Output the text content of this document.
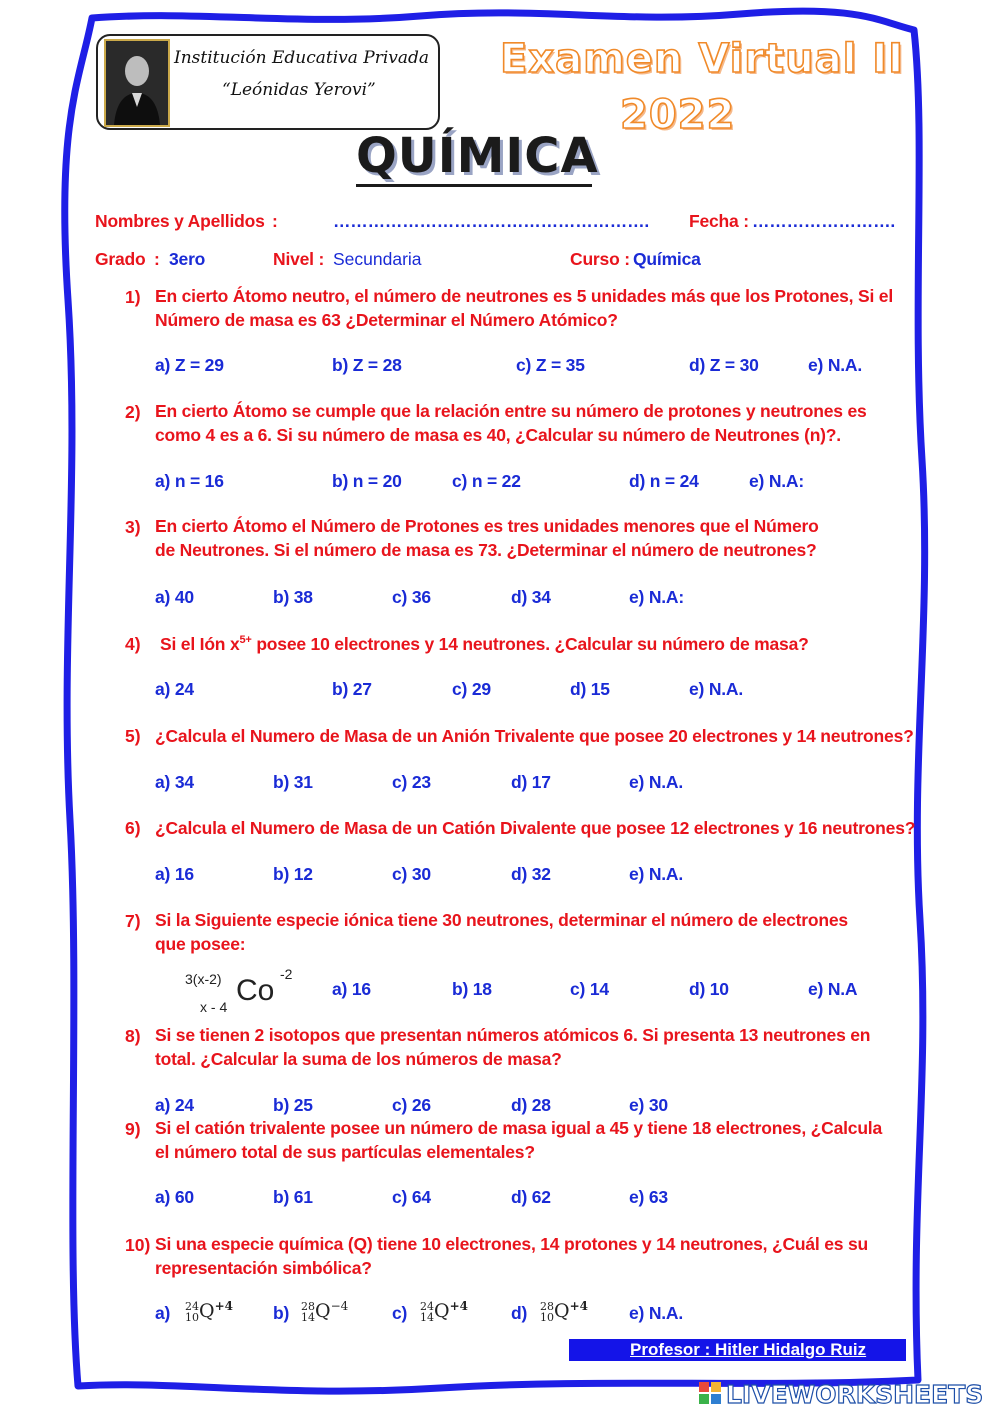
Institución Educativa Privada
“Leónidas Yerovi”
Examen Virtual II
2022
QUÍMICA
Nombres y Apellidos :	………………………………………………. Fecha : …………………….
Grado : 3ero	Nivel : Secundaria	Curso : Química
1) En cierto Átomo neutro, el número de neutrones es 5 unidades más que los Protones, Si el Número de masa es 63 ¿Determinar el Número Atómico?
a) Z = 29	b) Z = 28	c) Z = 35	d) Z = 30	e) N.A.
2) En cierto Átomo se cumple que la relación entre su número de protones y neutrones es como 4 es a 6. Si su número de masa es 40, ¿Calcular su número de Neutrones (n)?.
a) n = 16	b) n = 20	c) n = 22	d) n = 24	e) N.A:
3) En cierto Átomo el Número de Protones es tres unidades menores que el Número de Neutrones. Si el número de masa es 73. ¿Determinar el número de neutrones?
a) 40	b) 38	c) 36	d) 34	e) N.A:
4) Si el Ión $x^{5+}$ posee 10 electrones y 14 neutrones. ¿Calcular su número de masa?
a) 24	b) 27	c) 29	d) 15	e) N.A.
5) ¿Calcula el Numero de Masa de un Anión Trivalente que posee 20 electrones y 14 neutrones?
a) 34	b) 31	c) 23	d) 17	e) N.A.
6) ¿Calcula el Numero de Masa de un Catión Divalente que posee 12 electrones y 16 neutrones?
a) 16	b) 12	c) 30	d) 32	e) N.A.
7) Si la Siguiente especie iónica tiene 30 neutrones, determinar el número de electrones que posee:
3(x-2)
x - 4 Co -2
a) 16	b) 18	c) 14	d) 10	e) N.A
8) Si se tienen 2 isotopos que presentan números atómicos 6. Si presenta 13 neutrones en total. ¿Calcular la suma de los números de masa?
a) 24	b) 25	c) 26	d) 28	e) 30
9) Si el catión trivalente posee un número de masa igual a 45 y tiene 18 electrones, ¿Calcula el número total de sus partículas elementales?
a) 60	b) 61	c) 64	d) 62	e) 63
10) Si una especie química (Q) tiene 10 electrones, 14 protones y 14 neutrones, ¿Cuál es su representación simbólica?
a) 24
$10Q^{+4}$ b) 28
$14Q^{-4}$ c) 24
$14Q^{+4}$ d) 28
$10Q^{+4}$ e) N.A.
Profesor : Hitler Hidalgo Ruiz
LIVEWORKSHEETS
